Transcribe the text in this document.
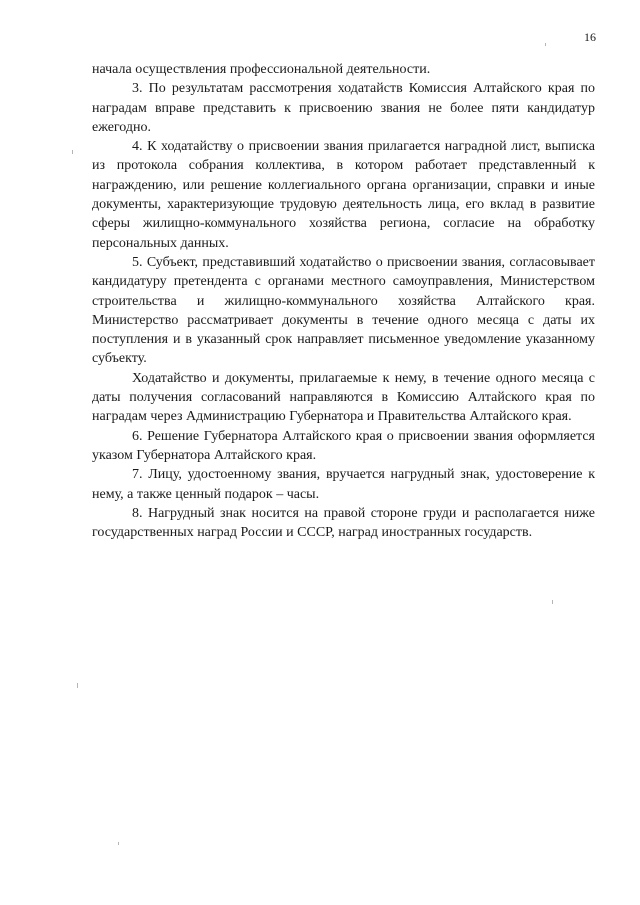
16

начала осуществления профессиональной деятельности.

3. По результатам рассмотрения ходатайств Комиссия Алтайского края по наградам вправе представить к присвоению звания не более пяти кандидатур ежегодно.

4. К ходатайству о присвоении звания прилагается наградной лист, выписка из протокола собрания коллектива, в котором работает представленный к награждению, или решение коллегиального органа организации, справки и иные документы, характеризующие трудовую деятельность лица, его вклад в развитие сферы жилищно-коммунального хозяйства региона, согласие на обработку персональных данных.

5. Субъект, представивший ходатайство о присвоении звания, согласовывает кандидатуру претендента с органами местного самоуправления, Министерством строительства и жилищно-коммунального хозяйства Алтайского края. Министерство рассматривает документы в течение одного месяца с даты их поступления и в указанный срок направляет письменное уведомление указанному субъекту.

Ходатайство и документы, прилагаемые к нему, в течение одного месяца с даты получения согласований направляются в Комиссию Алтайского края по наградам через Администрацию Губернатора и Правительства Алтайского края.

6. Решение Губернатора Алтайского края о присвоении звания оформляется указом Губернатора Алтайского края.

7. Лицу, удостоенному звания, вручается нагрудный знак, удостоверение к нему, а также ценный подарок – часы.

8. Нагрудный знак носится на правой стороне груди и располагается ниже государственных наград России и СССР, наград иностранных государств.
